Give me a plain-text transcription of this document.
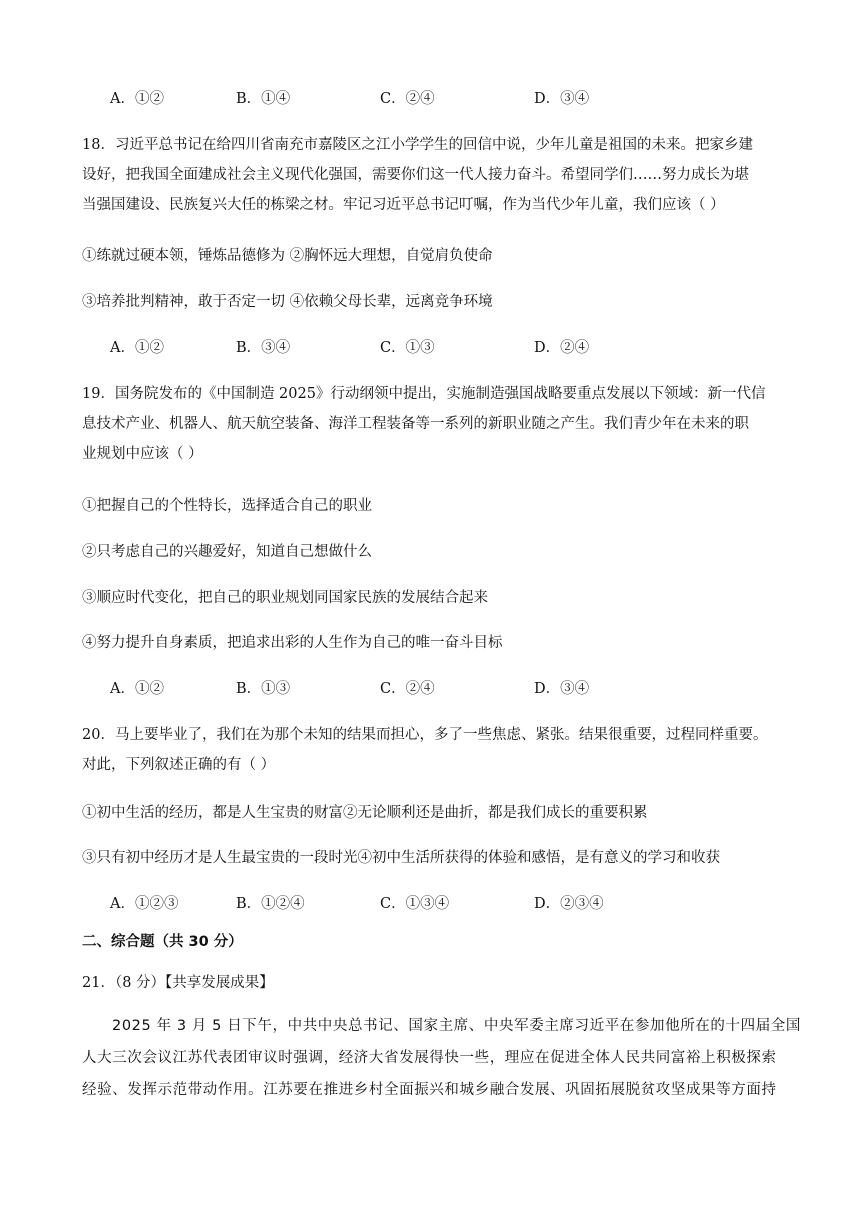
A．①②	B．①④	C．②④	D．③④
18．习近平总书记在给四川省南充市嘉陵区之江小学学生的回信中说，少年儿童是祖国的未来。把家乡建
设好，把我国全面建成社会主义现代化强国，需要你们这一代人接力奋斗。希望同学们……努力成长为堪
当强国建设、民族复兴大任的栋梁之材。牢记习近平总书记叮嘱，作为当代少年儿童，我们应该（ ）
①练就过硬本领，锤炼品德修为 ②胸怀远大理想，自觉肩负使命
③培养批判精神，敢于否定一切 ④依赖父母长辈，远离竞争环境
A．①②	B．③④	C．①③	D．②④
19．国务院发布的《中国制造 2025》行动纲领中提出，实施制造强国战略要重点发展以下领域：新一代信
息技术产业、机器人、航天航空装备、海洋工程装备等一系列的新职业随之产生。我们青少年在未来的职
业规划中应该（ ）
①把握自己的个性特长，选择适合自己的职业
②只考虑自己的兴趣爱好，知道自己想做什么
③顺应时代变化，把自己的职业规划同国家民族的发展结合起来
④努力提升自身素质，把追求出彩的人生作为自己的唯一奋斗目标
A．①②	B．①③	C．②④	D．③④
20．马上要毕业了，我们在为那个未知的结果而担心，多了一些焦虑、紧张。结果很重要，过程同样重要。
对此，下列叙述正确的有（ ）
①初中生活的经历，都是人生宝贵的财富②无论顺利还是曲折，都是我们成长的重要积累
③只有初中经历才是人生最宝贵的一段时光④初中生活所获得的体验和感悟，是有意义的学习和收获
A．①②③	B．①②④	C．①③④	D．②③④
二、综合题（共 30 分）
21．（8 分）【共享发展成果】
2025 年 3 月 5 日下午，中共中央总书记、国家主席、中央军委主席习近平在参加他所在的十四届全国
人大三次会议江苏代表团审议时强调，经济大省发展得快一些，理应在促进全体人民共同富裕上积极探索
经验、发挥示范带动作用。江苏要在推进乡村全面振兴和城乡融合发展、巩固拓展脱贫攻坚成果等方面持
